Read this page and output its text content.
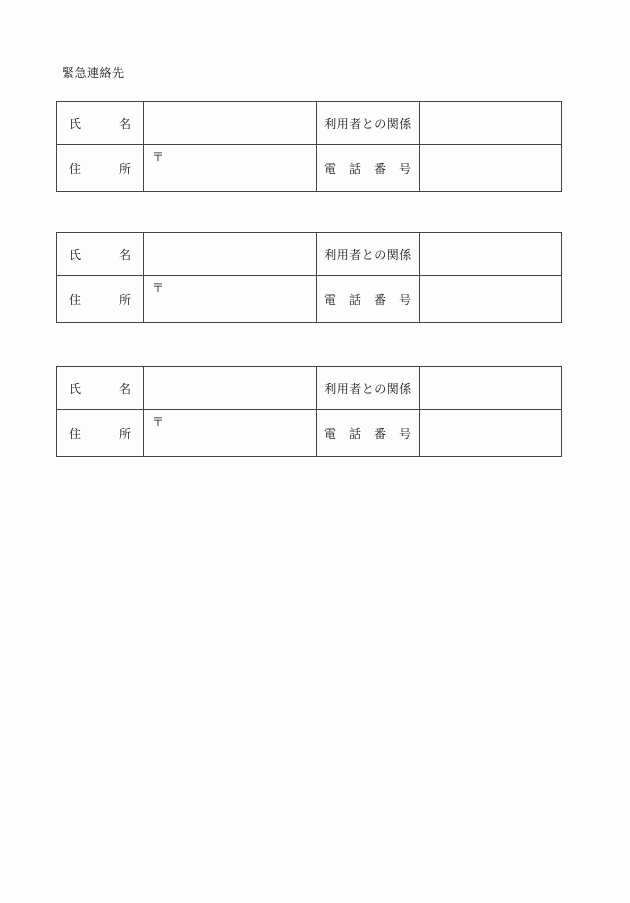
緊急連絡先
氏 名		利用者との関係	

住 所	〒	電 話 番 号	

氏 名		利用者との関係	

住 所	〒	電 話 番 号	

氏 名		利用者との関係	

住 所	〒	電 話 番 号	
